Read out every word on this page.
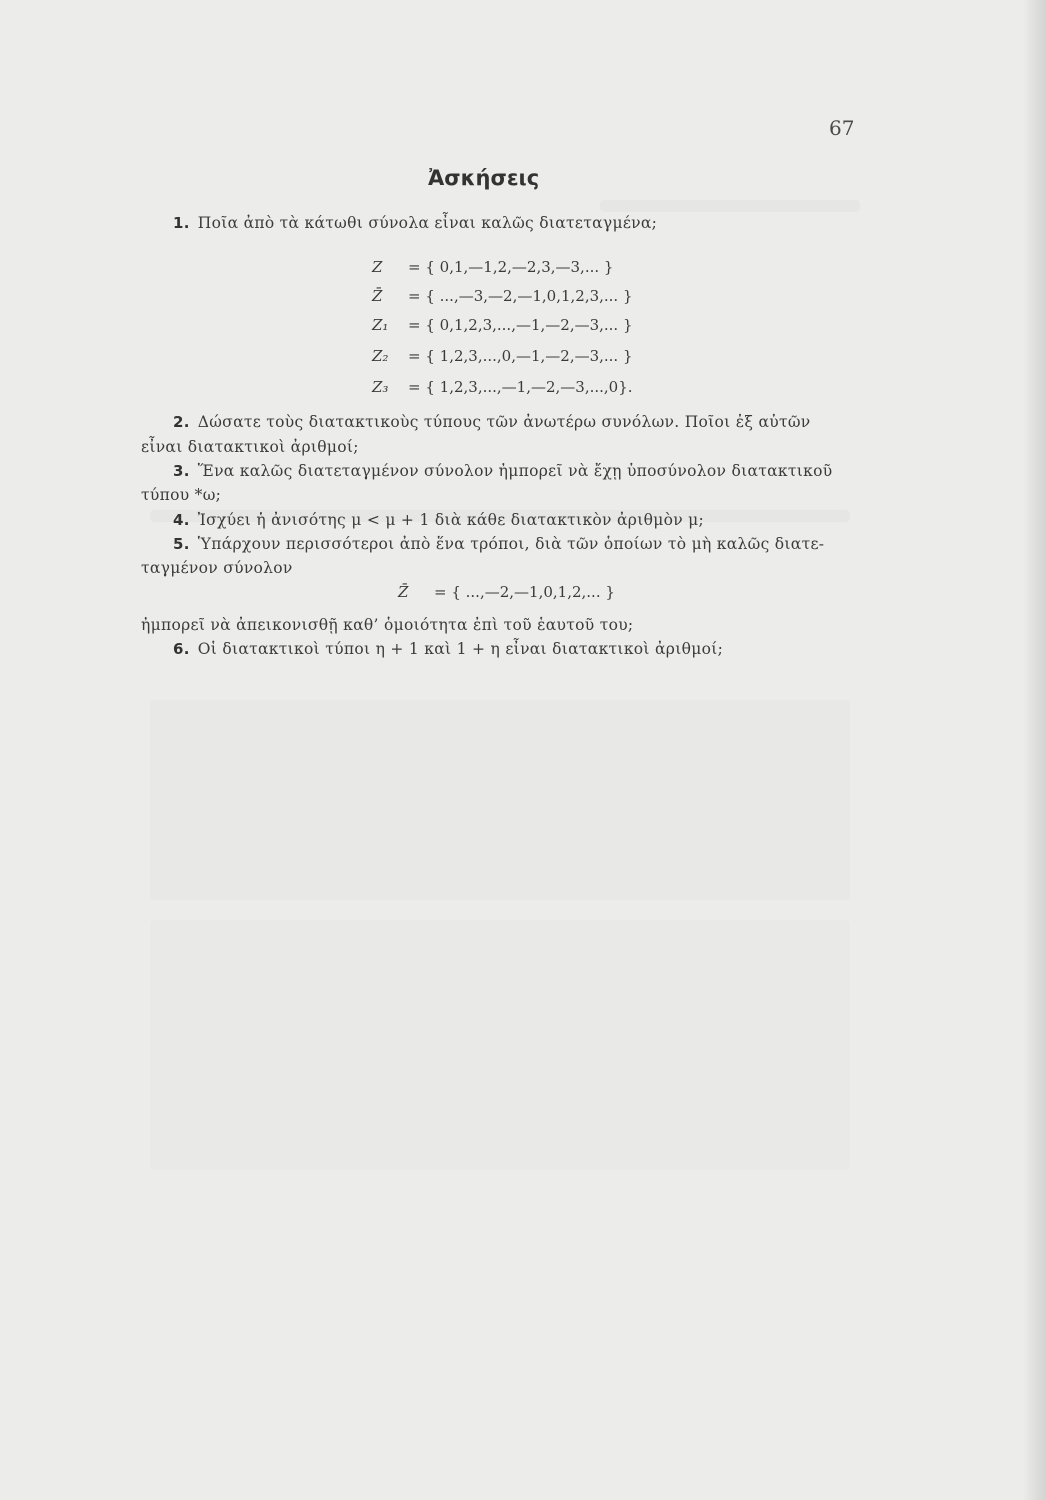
67
Ἀσκήσεις
1. Ποῖα ἀπὸ τὰ κάτωθι σύνολα εἶναι καλῶς διατεταγμένα;
Z = { 0,1,—1,2,—2,3,—3,... }
Z̄ = { ...,—3,—2,—1,0,1,2,3,... }
Z₁ = { 0,1,2,3,...,—1,—2,—3,... }
Z₂ = { 1,2,3,...,0,—1,—2,—3,... }
Z₃ = { 1,2,3,...,—1,—2,—3,...,0}.
2. Δώσατε τοὺς διατακτικοὺς τύπους τῶν ἀνωτέρω συνόλων. Ποῖοι ἐξ αὐτῶν
εἶναι διατακτικοὶ ἀριθμοί;
3. Ἕνα καλῶς διατεταγμένον σύνολον ἠμπορεῖ νὰ ἔχῃ ὑποσύνολον διατακτικοῦ
τύπου *ω;
4. Ἰσχύει ἡ ἀνισότης μ < μ + 1 διὰ κάθε διατακτικὸν ἀριθμὸν μ;
5. Ὑπάρχουν περισσότεροι ἀπὸ ἕνα τρόποι, διὰ τῶν ὁποίων τὸ μὴ καλῶς διατε-
ταγμένον σύνολον
Z̄ = { ...,—2,—1,0,1,2,... }
ἠμπορεῖ νὰ ἀπεικονισθῇ καθ’ ὁμοιότητα ἐπὶ τοῦ ἑαυτοῦ του;
6. Οἱ διατακτικοὶ τύποι η + 1 καὶ 1 + η εἶναι διατακτικοὶ ἀριθμοί;
